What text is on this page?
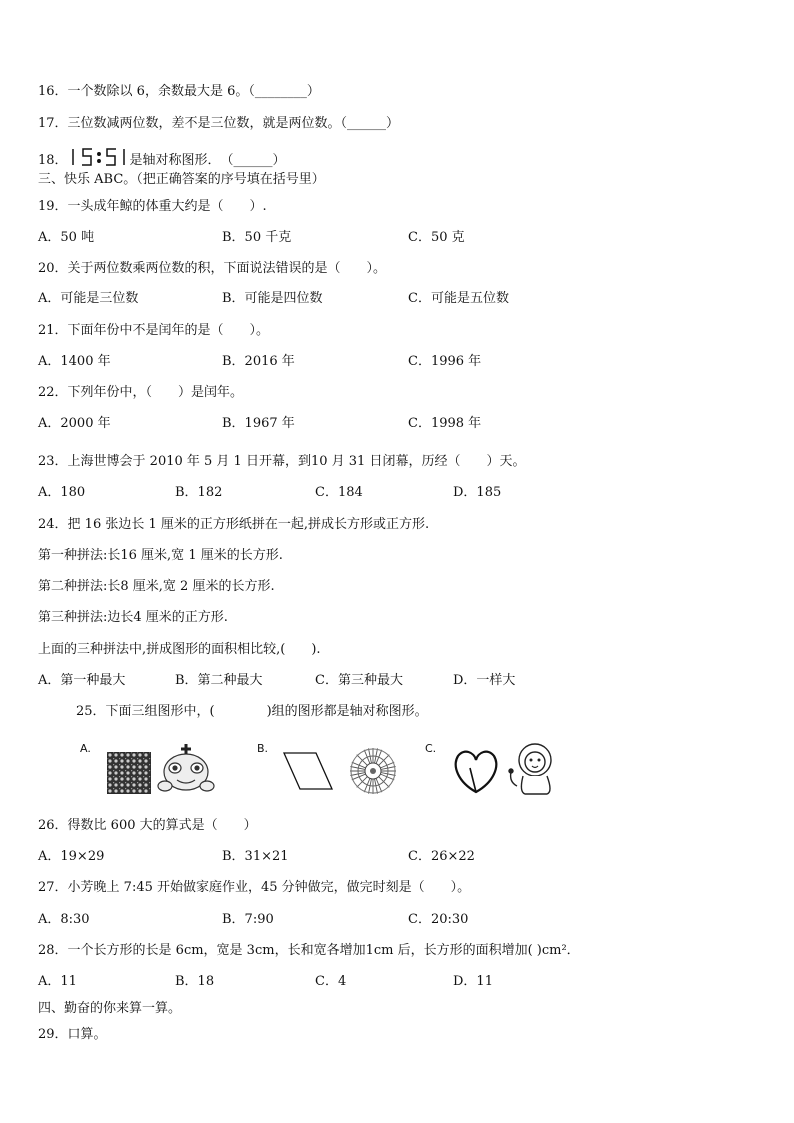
16．一个数除以 6，余数最大是 6。（________）
17．三位数减两位数，差不是三位数，就是两位数。（______）
18．	是轴对称图形．　（______）
三、快乐 ABC。（把正确答案的序号填在括号里）
19．一头成年鲸的体重大约是（　　）.
A．50 吨	B．50 千克	C．50 克
20．关于两位数乘两位数的积，下面说法错误的是（　　）。
A．可能是三位数	B．可能是四位数	C．可能是五位数
21．下面年份中不是闰年的是（　　）。
A．1400 年	B．2016 年	C．1996 年
22．下列年份中，（　　）是闰年。
A．2000 年	B．1967 年	C．1998 年
23．上海世博会于 2010 年 5 月 1 日开幕，到10 月 31 日闭幕，历经（　　）天。
A．180	B．182	C．184	D．185
24．把 16 张边长 1 厘米的正方形纸拼在一起,拼成长方形或正方形.
第一种拼法:长16 厘米,宽 1 厘米的长方形.
第二种拼法:长8 厘米,宽 2 厘米的长方形.
第三种拼法:边长4 厘米的正方形.
上面的三种拼法中,拼成图形的面积相比较,(　　).
A．第一种最大	B．第二种最大	C．第三种最大	D．一样大
25．下面三组图形中，(　　　　)组的图形都是轴对称图形。
A.	B.	C.
26．得数比 600 大的算式是（　　）
A．19×29	B．31×21	C．26×22
27．小芳晚上 7:45 开始做家庭作业，45 分钟做完，做完时刻是（　　）。
A．8:30	B．7:90	C．20:30
28．一个长方形的长是 6cm，宽是 3cm，长和宽各增加1cm 后，长方形的面积增加( )cm²．
A．11	B．18	C．4	D．11
四、勤奋的你来算一算。
29．口算。
